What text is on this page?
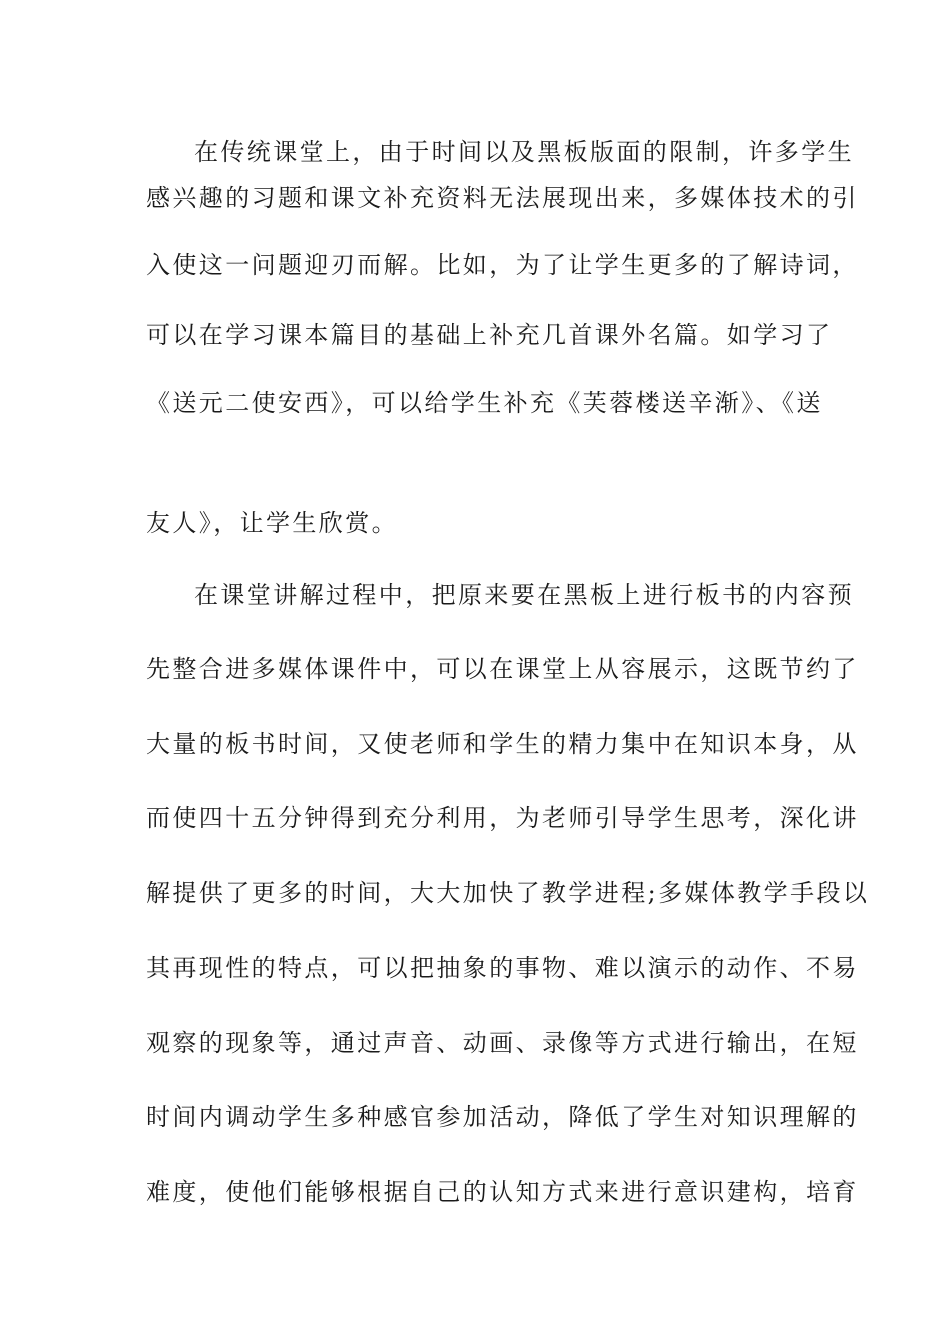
在传统课堂上，由于时间以及黑板版面的限制，许多学生
感兴趣的习题和课文补充资料无法展现出来，多媒体技术的引
入使这一问题迎刃而解。比如，为了让学生更多的了解诗词，
可以在学习课本篇目的基础上补充几首课外名篇。如学习了
《送元二使安西》，可以给学生补充《芙蓉楼送辛渐》、《送
友人》，让学生欣赏。
在课堂讲解过程中，把原来要在黑板上进行板书的内容预
先整合进多媒体课件中，可以在课堂上从容展示，这既节约了
大量的板书时间，又使老师和学生的精力集中在知识本身，从
而使四十五分钟得到充分利用，为老师引导学生思考，深化讲
解提供了更多的时间，大大加快了教学进程;多媒体教学手段以
其再现性的特点，可以把抽象的事物、难以演示的动作、不易
观察的现象等，通过声音、动画、录像等方式进行输出，在短
时间内调动学生多种感官参加活动，降低了学生对知识理解的
难度，使他们能够根据自己的认知方式来进行意识建构，培育
